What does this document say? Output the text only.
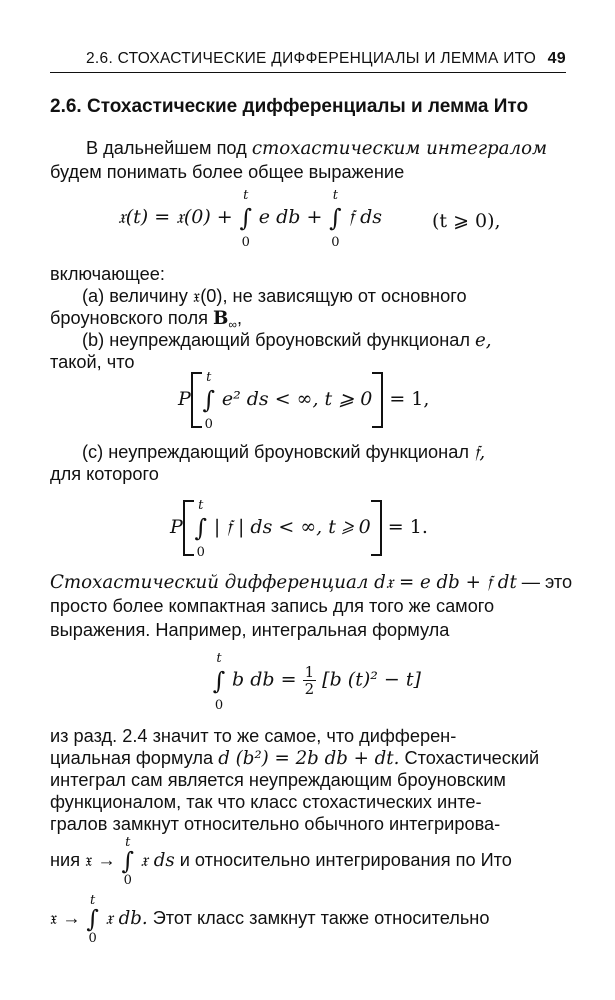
2.6. СТОХАСТИЧЕСКИЕ ДИФФЕРЕНЦИАЛЫ И ЛЕММА ИТО 49
2.6. Стохастические дифференциалы и лемма Ито
В дальнейшем под стохастическим интегралом
будем понимать более общее выражение
𝔵(t) = 𝔵(0) +
t
∫
0
e db +
t
∫
0
𝔣 ds	(t ⩾ 0),
включающее:
(a) величину 𝔵(0), не зависящую от основного
броуновского поля $B_\infty$,
(b) неупреждающий броуновский функционал e,
такой, что
P
t
∫
0
e² ds < ∞, t ⩾ 0 = 1,
(c) неупреждающий броуновский функционал 𝔣,
для которого
P
t
∫
0
| 𝔣 | ds < ∞, t ⩾ 0 = 1.
Стохастический дифференциал d𝔵 = e db + 𝔣 dt — это
просто более компактная запись для того же самого
выражения. Например, интегральная формула
t
∫
0
b db = $\frac{1}{2} [b$ (t)² − t]
из разд. 2.4 значит то же самое, что дифферен-
циальная формула d (b²) = 2b db + dt. Стохастический
интеграл сам является неупреждающим броуновским
функционалом, так что класс стохастических инте-
гралов замкнут относительно обычного интегрирова-
ния 𝔵 →
t
∫
0
𝔵 ds и относительно интегрирования по Ито
𝔵 →
t
∫
0
𝔵 db. Этот класс замкнут также относительно
